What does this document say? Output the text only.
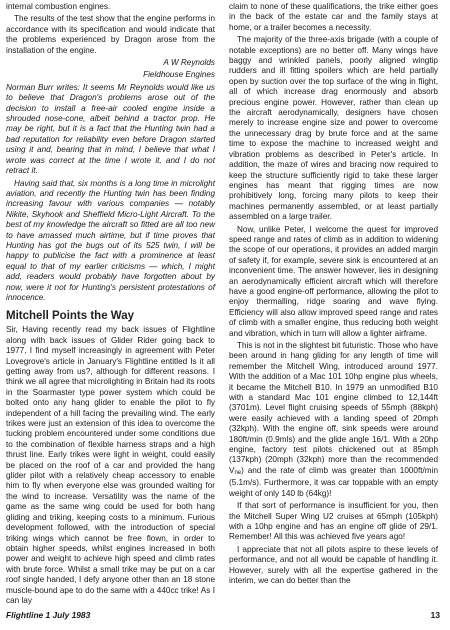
internal combustion engines.

The results of the test show that the engine performs in accordance with its specification and would indicate that the problems experienced by Dragon arose from the installation of the engine.

A W Reynolds

Fieldhouse Engines

Norman Burr writes: It seems Mr Reynolds would like us to believe that Dragon's problems arose out of the decision to install a free-air cooled engine inside a shrouded nose-cone, albeit behind a tractor prop. He may be right, but it is a fact that the Hunting twin had a bad reputation for reliability even before Dragon started using it and, bearing that in mind, I believe that what I wrote was correct at the time I wrote it, and I do not retract it.

Having said that, six months is a long time in microlight aviation, and recently the Hunting twin has been finding increasing favour with various companies — notably Nikite, Skyhook and Sheffield Micro-Light Aircraft. To the best of my knowledge the aircraft so fitted are all too new to have amassed much airtime, but if time proves that Hunting has got the bugs out of its 525 twin, I will be happy to publicise the fact with a prominence at least equal to that of my earlier criticisms — which, I might add, readers would probably have forgotten about by now, were it not for Hunting's persistent protestations of innocence.

Mitchell Points the Way

Sir, Having recently read my back issues of Flightline along with back issues of Glider Rider going back to 1977, I find myself increasingly in agreement with Peter Lovegrove's article in January's Flightline entitled Is it all getting away from us?, although for different reasons. I think we all agree that microlighting in Britain had its roots in the Soarmaster type power system which could be bolted onto any hang glider to enable the pilot to fly independent of a hill facing the prevailing wind. The early trikes were just an extension of this idea to overcome the tucking problem encountered under some conditions due to the combination of flexible harness straps and a high thrust line. Early trikes were light in weight, could easily be placed on the roof of a car and provided the hang glider pilot with a relatively cheap accessory to enable him to fly when everyone else was grounded waiting for the wind to increase. Versatility was the name of the game as the same wing could be used for both hang gliding and triking, keeping costs to a minimum. Furious development followed, with the introduction of special triking wings which cannot be free flown, in order to obtain higher speeds, whilst engines increased in both power and weight to achieve high speed and climb rates with brute force. Whilst a small trike may be put on a car roof single handed, I defy anyone other than an 18 stone muscle-bound ape to do the same with a 440cc trike! As I can lay

claim to none of these qualifications, the trike either goes in the back of the estate car and the family stays at home, or a trailer becomes a necessity.

The majority of the three-axis brigade (with a couple of notable exceptions) are no better off. Many wings have baggy and wrinkled panels, poorly aligned wingtip rudders and ill fitting spoilers which are held partially open by suction over the top surface of the wing in flight, all of which increase drag enormously and absorb precious engine power. However, rather than clean up the aircraft aerodynamically, designers have chosen merely to increase engine size and power to overcome the unnecessary drag by brute force and at the same time to expose the machine to increased weight and vibration problems as described in Peter's article. In addition, the maze of wires and bracing now required to keep the structure sufficiently rigid to take these larger engines has meant that rigging times are now prohibitively long, forcing many pilots to keep their machines permanently assembled, or at least partially assembled on a large trailer.

Now, unlike Peter, I welcome the quest for improved speed range and rates of climb as in addition to widening the scope of our operations, it provides an added margin of safety if, for example, severe sink is encountered at an inconvenient time. The answer however, lies in designing an aerodynamically efficient aircraft which will therefore have a good engine-off performance, allowing the pilot to enjoy thermalling, ridge soaring and wave flying. Efficiency will also allow improved speed range and rates of climb with a smaller engine, thus reducing both weight and vibration, which in turn will allow a lighter airframe.

This is not in the slightest bit futuristic. Those who have been around in hang gliding for any length of time will remember the Mitchell Wing, introduced around 1977. With the addition of a Mac 101 10hp engine plus wheels, it became the Mitchell B10. In 1979 an unmodified B10 with a standard Mac 101 engine climbed to 12,144ft (3701m). Level flight cruising speeds of 55mph (88kph) were easily achieved with a landing speed of 20mph (32kph). With the engine off, sink speeds were around 180ft/min (0.9mls) and the glide angle 16/1. With a 20hp engine, factory test pilots chickened out at 85mph (137kph) (20mph (32kph) more than the recommended $V_{ne}$) and the rate of climb was greater than 1000ft/min (5.1m/s). Furthermore, it was car toppable with an empty weight of only 140 lb (64kg)!

If that sort of performance is insufficient for you, then the Mitchell Super Wing U2 cruises at 65mph (105kph) with a 10hp engine and has an engine off glide of 29/1. Remember! All this was achieved five years ago!

I appreciate that not all pilots aspire to these levels of performance, and not all would be capable of handling it. However, surely with all the expertise gathered in the interim, we can do better than the

Flightline 1 July 1983	13
